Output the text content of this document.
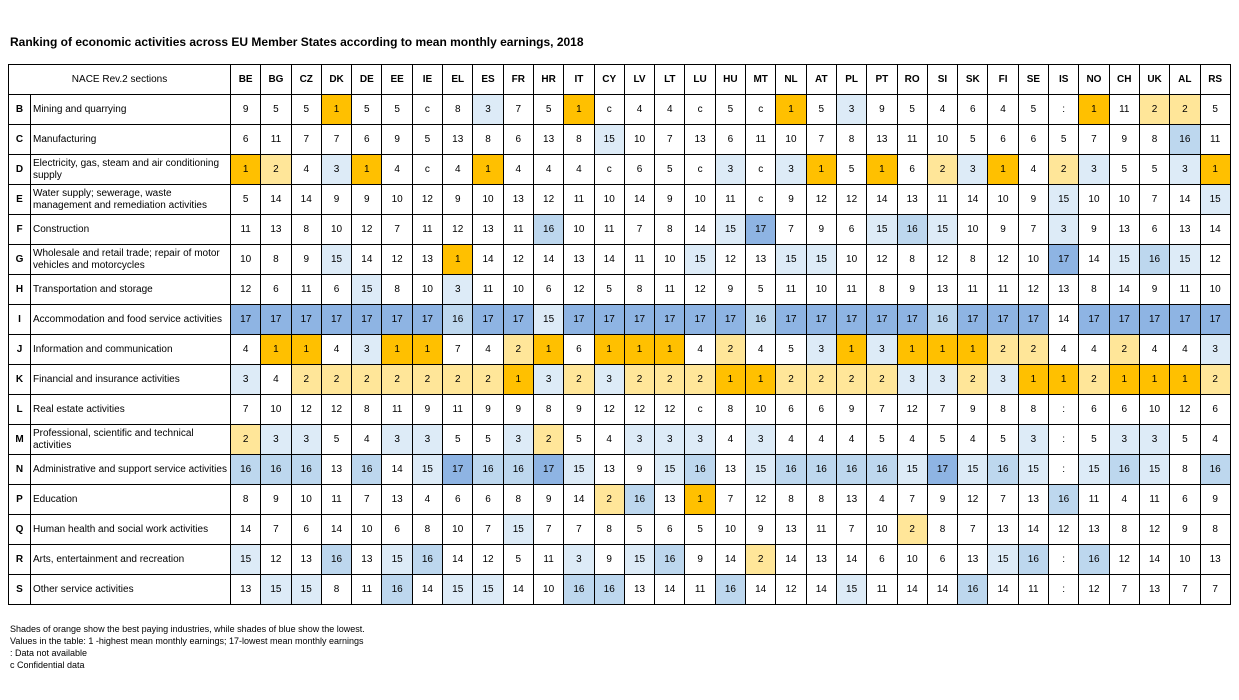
Ranking of economic activities across EU Member States according to mean monthly earnings, 2018
NACE Rev.2 sections		BE	BG	CZ	DK	DE	EE	IE	EL	ES	FR	HR	IT	CY	LV	LT	LU	HU	MT	NL	AT	PL	PT	RO	SI	SK	FI	SE	IS	NO	CH	UK	AL	RS
B	Mining and quarrying	9	5	5	1	5	5	c	8	3	7	5	1	c	4	4	c	5	c	1	5	3	9	5	4	6	4	5	:	1	11	2	2	5
C	Manufacturing	6	11	7	7	6	9	5	13	8	6	13	8	15	10	7	13	6	11	10	7	8	13	11	10	5	6	6	5	7	9	8	16	11
D	Electricity, gas, steam and air conditioning supply	1	2	4	3	1	4	c	4	1	4	4	4	c	6	5	c	3	c	3	1	5	1	6	2	3	1	4	2	3	5	5	3	1
E	Water supply; sewerage, waste management and remediation activities	5	14	14	9	9	10	12	9	10	13	12	11	10	14	9	10	11	c	9	12	12	14	13	11	14	10	9	15	10	10	7	14	15
F	Construction	11	13	8	10	12	7	11	12	13	11	16	10	11	7	8	14	15	17	7	9	6	15	16	15	10	9	7	3	9	13	6	13	14
G	Wholesale and retail trade; repair of motor vehicles and motorcycles	10	8	9	15	14	12	13	1	14	12	14	13	14	11	10	15	12	13	15	15	10	12	8	12	8	12	10	17	14	15	16	15	12
H	Transportation and storage	12	6	11	6	15	8	10	3	11	10	6	12	5	8	11	12	9	5	11	10	11	8	9	13	11	11	12	13	8	14	9	11	10
I	Accommodation and food service activities	17	17	17	17	17	17	17	16	17	17	15	17	17	17	17	17	17	16	17	17	17	17	17	16	17	17	17	14	17	17	17	17	17
J	Information and communication	4	1	1	4	3	1	1	7	4	2	1	6	1	1	1	4	2	4	5	3	1	3	1	1	1	2	2	4	4	2	4	4	3
K	Financial and insurance activities	3	4	2	2	2	2	2	2	2	1	3	2	3	2	2	2	1	1	2	2	2	2	3	3	2	3	1	1	2	1	1	1	2
L	Real estate activities	7	10	12	12	8	11	9	11	9	9	8	9	12	12	12	c	8	10	6	6	9	7	12	7	9	8	8	:	6	6	10	12	6
M	Professional, scientific and technical activities	2	3	3	5	4	3	3	5	5	3	2	5	4	3	3	3	4	3	4	4	4	5	4	5	4	5	3	:	5	3	3	5	4
N	Administrative and support service activities	16	16	16	13	16	14	15	17	16	16	17	15	13	9	15	16	13	15	16	16	16	16	15	17	15	16	15	:	15	16	15	8	16
P	Education	8	9	10	11	7	13	4	6	6	8	9	14	2	16	13	1	7	12	8	8	13	4	7	9	12	7	13	16	11	4	11	6	9
Q	Human health and social work activities	14	7	6	14	10	6	8	10	7	15	7	7	8	5	6	5	10	9	13	11	7	10	2	8	7	13	14	12	13	8	12	9	8
R	Arts, entertainment and recreation	15	12	13	16	13	15	16	14	12	5	11	3	9	15	16	9	14	2	14	13	14	6	10	6	13	15	16	:	16	12	14	10	13
S	Other service activities	13	15	15	8	11	16	14	15	15	14	10	16	16	13	14	11	16	14	12	14	15	11	14	14	16	14	11	:	12	7	13	7	7
Shades of orange show the best paying industries, while shades of blue show the lowest.
Values in the table: 1 -highest mean monthly earnings; 17-lowest mean monthly earnings
: Data not available
c Confidential data
